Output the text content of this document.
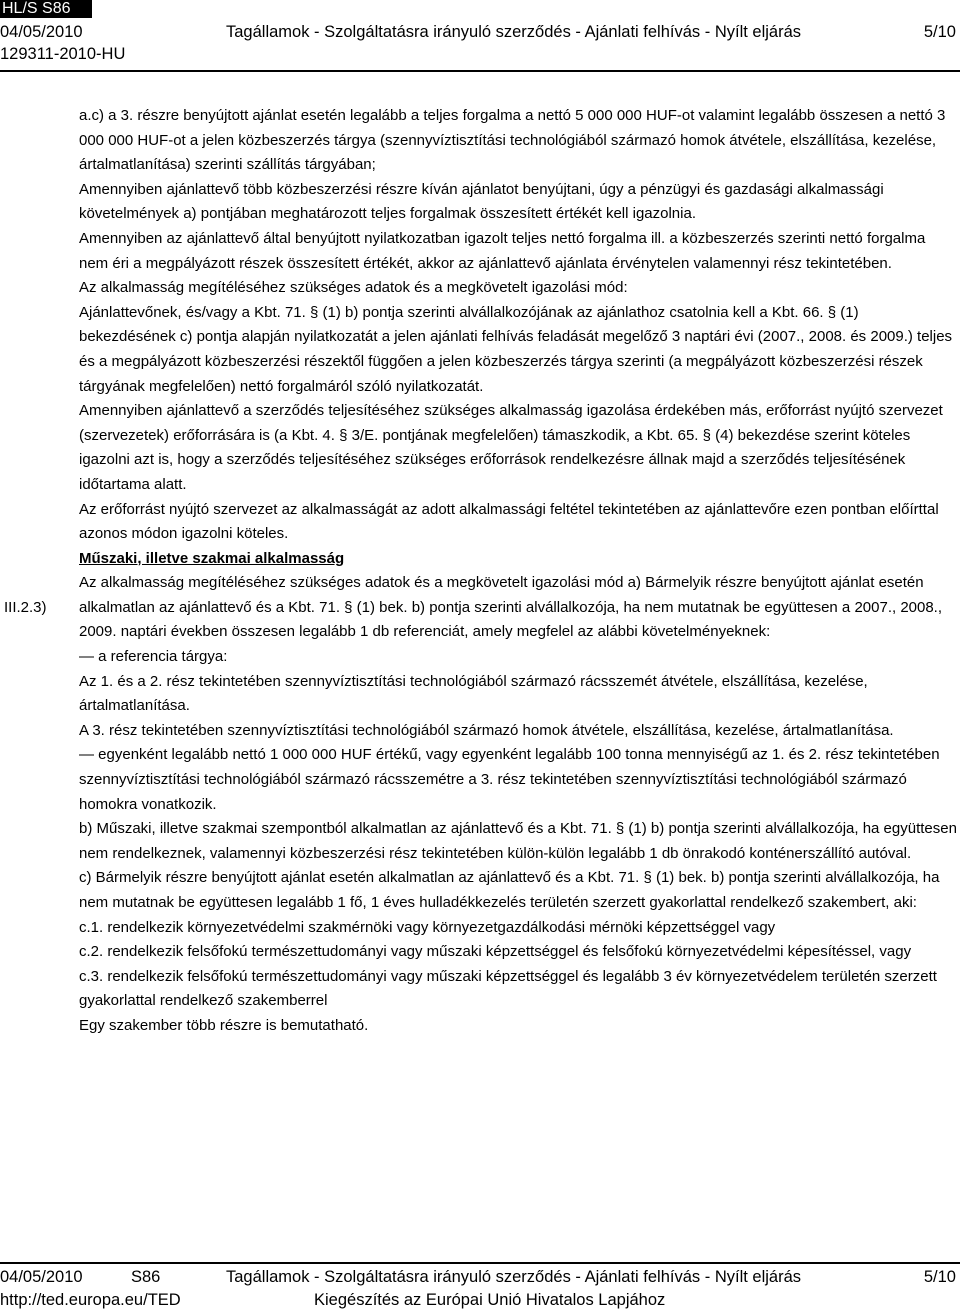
HL/S S86
04/05/2010	Tagállamok - Szolgáltatásra irányuló szerződés - Ajánlati felhívás - Nyílt eljárás	5/10
129311-2010-HU
III.2.3)

a.c) a 3. részre benyújtott ajánlat esetén legalább a teljes forgalma a nettó 5 000 000 HUF-ot valamint legalább összesen a nettó 3 000 000 HUF-ot a jelen közbeszerzés tárgya (szennyvíztisztítási technológiából származó homok átvétele, elszállítása, kezelése, ártalmatlanítása) szerinti szállítás tárgyában;

Amennyiben ajánlattevő több közbeszerzési részre kíván ajánlatot benyújtani, úgy a pénzügyi és gazdasági alkalmassági követelmények a) pontjában meghatározott teljes forgalmak összesített értékét kell igazolnia.

Amennyiben az ajánlattevő által benyújtott nyilatkozatban igazolt teljes nettó forgalma ill. a közbeszerzés szerinti nettó forgalma nem éri a megpályázott részek összesített értékét, akkor az ajánlattevő ajánlata érvénytelen valamennyi rész tekintetében.

Az alkalmasság megítéléséhez szükséges adatok és a megkövetelt igazolási mód:

Ajánlattevőnek, és/vagy a Kbt. 71. § (1) b) pontja szerinti alvállalkozójának az ajánlathoz csatolnia kell a Kbt. 66. § (1) bekezdésének c) pontja alapján nyilatkozatát a jelen ajánlati felhívás feladását megelőző 3 naptári évi (2007., 2008. és 2009.) teljes és a megpályázott közbeszerzési részektől függően a jelen közbeszerzés tárgya szerinti (a megpályázott közbeszerzési részek tárgyának megfelelően) nettó forgalmáról szóló nyilatkozatát.

Amennyiben ajánlattevő a szerződés teljesítéséhez szükséges alkalmasság igazolása érdekében más, erőforrást nyújtó szervezet (szervezetek) erőforrására is (a Kbt. 4. § 3/E. pontjának megfelelően) támaszkodik, a Kbt. 65. § (4) bekezdése szerint köteles igazolni azt is, hogy a szerződés teljesítéséhez szükséges erőforrások rendelkezésre állnak majd a szerződés teljesítésének időtartama alatt.

Az erőforrást nyújtó szervezet az alkalmasságát az adott alkalmassági feltétel tekintetében az ajánlattevőre ezen pontban előírttal azonos módon igazolni köteles.

Műszaki, illetve szakmai alkalmasság

Az alkalmasság megítéléséhez szükséges adatok és a megkövetelt igazolási mód a) Bármelyik részre benyújtott ajánlat esetén alkalmatlan az ajánlattevő és a Kbt. 71. § (1) bek. b) pontja szerinti alvállalkozója, ha nem mutatnak be együttesen a 2007., 2008., 2009. naptári években összesen legalább 1 db referenciát, amely megfelel az alábbi követelményeknek:

— a referencia tárgya:

Az 1. és a 2. rész tekintetében szennyvíztisztítási technológiából származó rácsszemét átvétele, elszállítása, kezelése, ártalmatlanítása.

A 3. rész tekintetében szennyvíztisztítási technológiából származó homok átvétele, elszállítása, kezelése, ártalmatlanítása.

— egyenként legalább nettó 1 000 000 HUF értékű, vagy egyenként legalább 100 tonna mennyiségű az 1. és 2. rész tekintetében szennyvíztisztítási technológiából származó rácsszemétre a 3. rész tekintetében szennyvíztisztítási technológiából származó homokra vonatkozik.

b) Műszaki, illetve szakmai szempontból alkalmatlan az ajánlattevő és a Kbt. 71. § (1) b) pontja szerinti alvállalkozója, ha együttesen nem rendelkeznek, valamennyi közbeszerzési rész tekintetében külön-külön legalább 1 db önrakodó konténerszállító autóval.

c) Bármelyik részre benyújtott ajánlat esetén alkalmatlan az ajánlattevő és a Kbt. 71. § (1) bek. b) pontja szerinti alvállalkozója, ha nem mutatnak be együttesen legalább 1 fő, 1 éves hulladékkezelés területén szerzett gyakorlattal rendelkező szakembert, aki:

c.1. rendelkezik környezetvédelmi szakmérnöki vagy környezetgazdálkodási mérnöki képzettséggel vagy

c.2. rendelkezik felsőfokú természettudományi vagy műszaki képzettséggel és felsőfokú környezetvédelmi képesítéssel, vagy

c.3. rendelkezik felsőfokú természettudományi vagy műszaki képzettséggel és legalább 3 év környezetvédelem területén szerzett gyakorlattal rendelkező szakemberrel

Egy szakember több részre is bemutatható.

04/05/2010	S86	Tagállamok - Szolgáltatásra irányuló szerződés - Ajánlati felhívás - Nyílt eljárás	5/10
http://ted.europa.eu/TED	Kiegészítés az Európai Unió Hivatalos Lapjához
